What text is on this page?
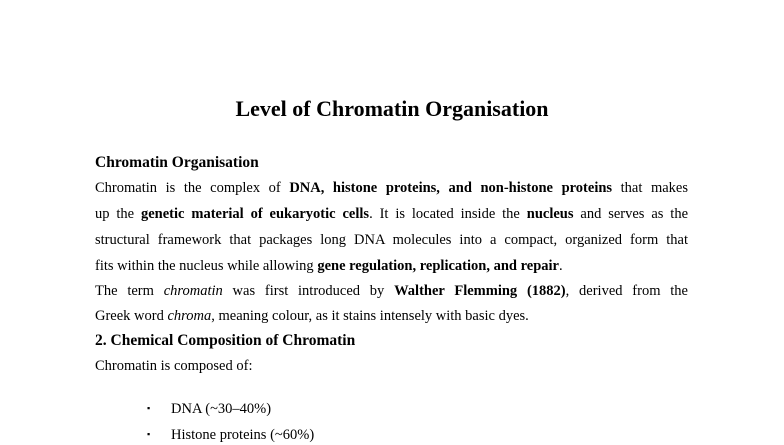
Level of Chromatin Organisation
Chromatin Organisation
Chromatin is the complex of DNA, histone proteins, and non-histone proteins that makes
up the genetic material of eukaryotic cells. It is located inside the nucleus and serves as the
structural framework that packages long DNA molecules into a compact, organized form that
fits within the nucleus while allowing gene regulation, replication, and repair.
The term chromatin was first introduced by Walther Flemming (1882), derived from the
Greek word chroma, meaning colour, as it stains intensely with basic dyes.
2. Chemical Composition of Chromatin
Chromatin is composed of:
▪ DNA (~30–40%)
▪ Histone proteins (~60%)
